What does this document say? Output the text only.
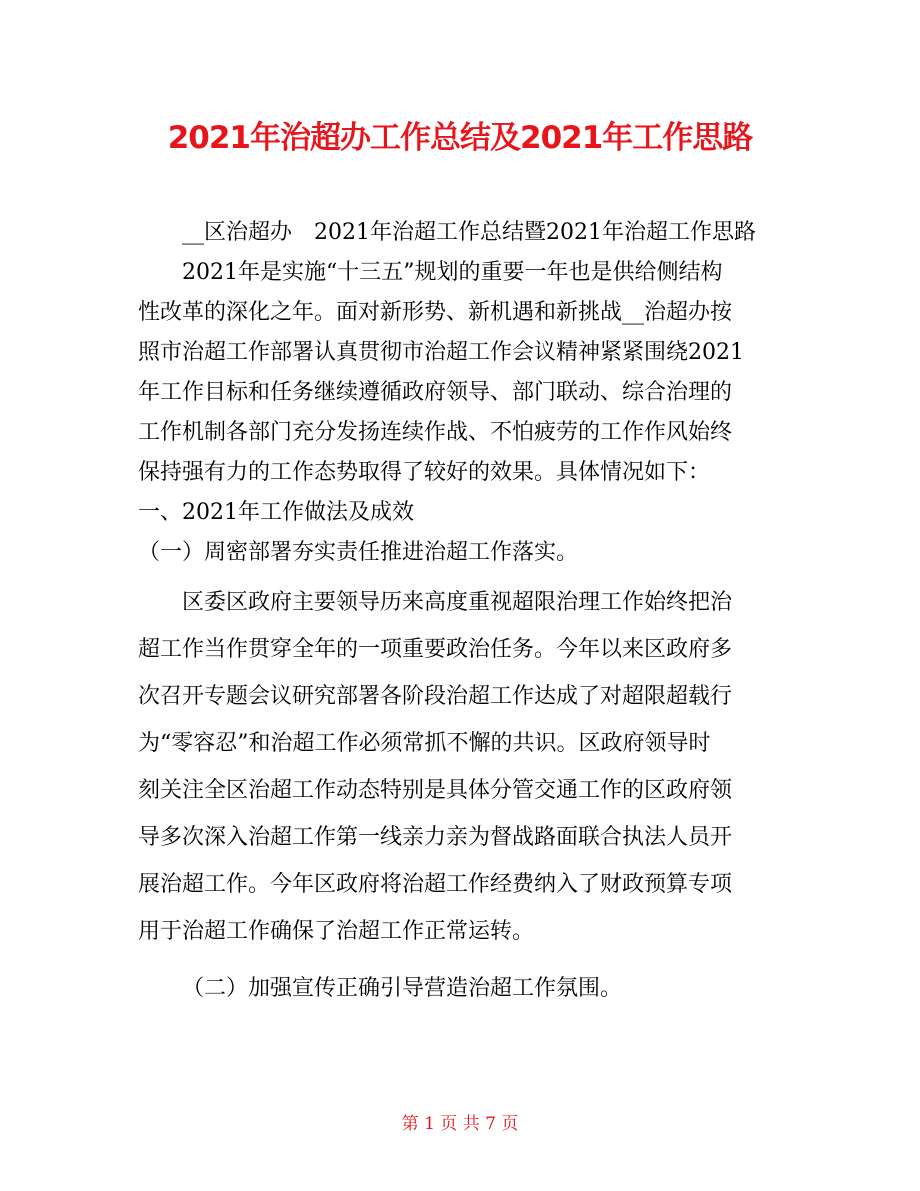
2021年治超办工作总结及2021年工作思路
__区治超办　2021年治超工作总结暨2021年治超工作思路
2021年是实施“十三五”规划的重要一年也是供给侧结构
性改革的深化之年。面对新形势、新机遇和新挑战__治超办按
照市治超工作部署认真贯彻市治超工作会议精神紧紧围绕2021
年工作目标和任务继续遵循政府领导、部门联动、综合治理的
工作机制各部门充分发扬连续作战、不怕疲劳的工作作风始终
保持强有力的工作态势取得了较好的效果。具体情况如下：
一、2021年工作做法及成效
（一）周密部署夯实责任推进治超工作落实。
区委区政府主要领导历来高度重视超限治理工作始终把治
超工作当作贯穿全年的一项重要政治任务。今年以来区政府多
次召开专题会议研究部署各阶段治超工作达成了对超限超载行
为“零容忍”和治超工作必须常抓不懈的共识。区政府领导时
刻关注全区治超工作动态特别是具体分管交通工作的区政府领
导多次深入治超工作第一线亲力亲为督战路面联合执法人员开
展治超工作。今年区政府将治超工作经费纳入了财政预算专项
用于治超工作确保了治超工作正常运转。
（二）加强宣传正确引导营造治超工作氛围。
第 1 页 共 7 页
